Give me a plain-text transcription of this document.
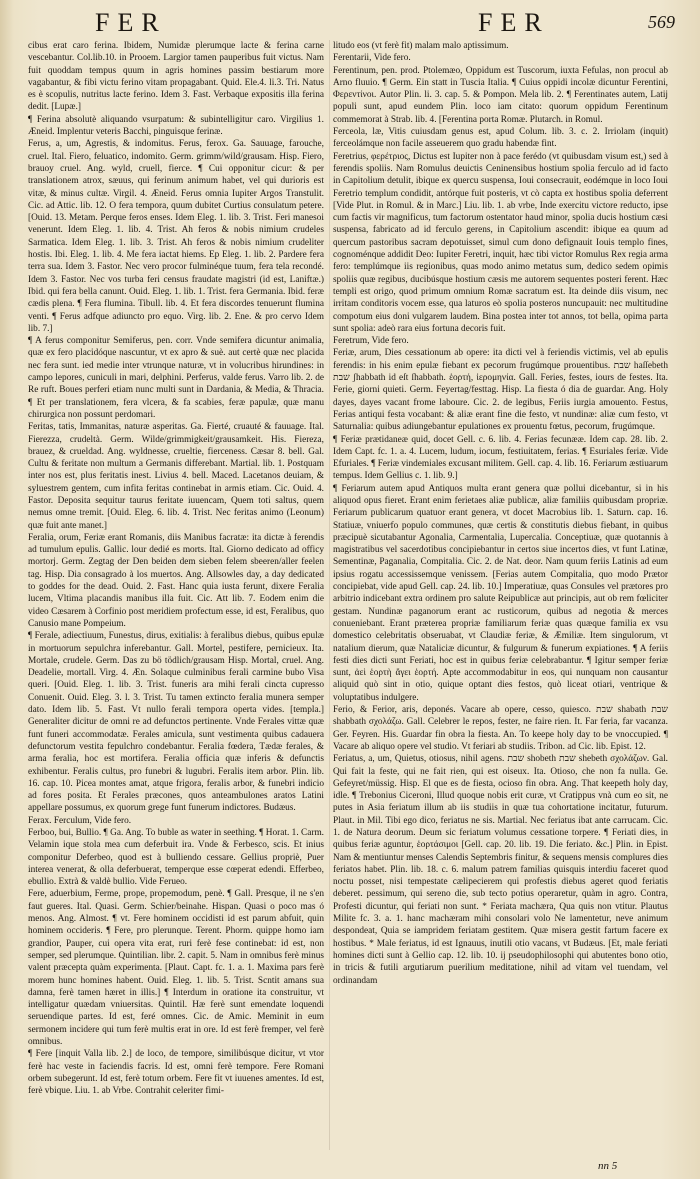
FER	FER	569

cibus erat caro ferina. Ibidem, Numidæ plerumque lacte & ferina carne vescebantur. Col.lib.10. in Prooem. Largior tamen pauperibus fuit victus. Nam fuit quoddam tempus quum in agris homines passim bestiarum more vagabantur, & fibi victu ferino vitam propagabant. Quid. Ele.4. li.3. Tri. Natus es è scopulis, nutritus lacte ferino. Idem 3. Fast. Verbaque expositis illa ferina dedit. [Lupæ.]

¶ Ferina absolutè aliquando vsurpatum: & subintelligitur caro. Virgilius 1. Æneid. Implentur veteris Bacchi, pinguisque ferinæ.

Ferus, a, um, Agrestis, & indomitus. Ferus, ferox. Ga. Sauuage, farouche, cruel. Ital. Fiero, feluatico, indomito. Germ. grimm/wild/grausam. Hisp. Fiero, brauoy cruel. Ang. wyld, cruell, fierce. ¶ Cui opponitur cicur: & per translationem atrox, sæuus, qui ferinum animum habet, vel qui durioris est vitæ, & minus cultæ. Virgil. 4. Æneid. Ferus omnia Iupiter Argos Transtulit. Cic. ad Attic. lib. 12. O fera tempora, quum dubitet Curtius consulatum petere. [Ouid. 13. Metam. Perque feros enses. Idem Eleg. 1. lib. 3. Trist. Feri manesoi venerunt. Idem Eleg. 1. lib. 4. Trist. Ah feros & nobis nimium crudeles Sarmatica. Idem Eleg. 1. lib. 3. Trist. Ah feros & nobis nimium crudeliter hostis. Ibi. Eleg. 1. lib. 4. Me fera iactat hiems. Ep Eleg. 1. lib. 2. Pardere fera terra sua. Idem 3. Fastor. Nec vero procor fulminéque tuum, fera tela recondé. Idem 3. Fastor. Nec vos turba feri census fraudate magistri (id est, Laniftæ.) Ibid. qui fera bella canunt. Ouid. Eleg. 1. lib. 1. Trist. fera Germania. Ibid. feræ cædis plena. ¶ Fera flumina. Tibull. lib. 4. Et fera discordes tenuerunt flumina venti. ¶ Ferus adfque adiuncto pro equo. Virg. lib. 2. Ene. & pro cervo Idem lib. 7.]

¶ A ferus componitur Semiferus, pen. corr. Vnde semifera dicuntur animalia, quæ ex fero placidóque nascuntur, vt ex apro & suè. aut certè quæ nec placida nec fera sunt. ied medie inter vtrunque naturæ, vt in volucribus hirundines: in campo lepores, cuniculi in mari, delphini. Perferus, valde ferus. Varro lib. 2. de Re ruft. Boues perferi etiam nunc multi sunt in Dardania, & Media, & Thracia. ¶ Et per translationem, fera vlcera, & fa scabies, feræ papulæ, quæ manu chirurgica non possunt perdomari.

Feritas, tatis, Immanitas, naturæ asperitas. Ga. Fierté, cruauté & fauuage. Ital. Fierezza, crudeltà. Germ. Wilde/grimmigkeit/grausamkeit. His. Fiereza, brauez, & crueldad. Ang. wyldnesse, crueltie, fierceness. Cæsar 8. bell. Gal. Cultu & feritate non multum a Germanis differebant. Martial. lib. 1. Postquam inter nos est, plus feritatis inest. Livius 4. bell. Maced. Lacetanos deuiam, & syluestrem gentem, cum infita feritas continebat in armis etiam. Cic. Ouid. 4. Fastor. Deposita sequitur taurus feritate iuuencam, Quem toti saltus, quem nemus omne tremit. [Ouid. Eleg. 6. lib. 4. Trist. Nec feritas animo (Leonum) quæ fuit ante manet.]

Feralia, orum, Feriæ erant Romanis, diis Manibus facratæ: ita dictæ à ferendis ad tumulum epulis. Gallic. lour dedié es morts. Ital. Giorno dedicato ad officy mortorj. Germ. Zegtag der Den beiden dem sieben felem sbeeren/aller feelen tag. Hisp. Dia consagrado à los muertos. Ang. Allsowles day, a day dedicated to goddes for the dead. Ouid. 2. Fast. Hanc quia iusta ferunt, dixere Feralia lucem, Vltima placandis manibus illa fuit. Cic. Att lib. 7. Eodem enim die video Cæsarem à Corfinio post meridiem profectum esse, id est, Feralibus, quo Canusio mane Pompeium.

¶ Ferale, adiectiuum, Funestus, dirus, exitialis: à feralibus diebus, quibus epulæ in mortuorum sepulchra inferebantur. Gall. Mortel, pestifere, pernicieux. Ita. Mortale, crudele. Germ. Das zu bö tödlich/grausam Hisp. Mortal, cruel. Ang. Deadelie, mortall. Virg. 4. Æn. Solaque culminibus ferali carmine bubo Visa queri. [Ouid. Eleg. 1. lib. 3. Trist. funeris ara mihi ferali cincta cupresso Conuenit. Ouid. Eleg. 3. l. 3. Trist. Tu tamen extincto feralia munera semper dato. Idem lib. 5. Fast. Vt nullo ferali tempora operta vides. [templa.] Generaliter dicitur de omni re ad defunctos pertinente. Vnde Ferales vittæ quæ funt funeri accommodatæ. Ferales amicula, sunt vestimenta quibus cadauera defunctorum vestita fepulchro condebantur. Feralia fœdera, Tædæ ferales, & arma feralia, hoc est mortifera. Feralia officia quæ inferis & defunctis exhibentur. Feralis cultus, pro funebri & lugubri. Feralis item arbor. Plin. lib. 16. cap. 10. Picea montes amat, atque frigora, feralis arbor, & funebri indicio ad fores posita. Et Ferales præcones, quos anteambulones aratos Latini appellare possumus, ex quorum grege funt funerum indictores. Budæus.

Ferax. Ferculum, Vide fero.

Ferboo, bui, Bullio. ¶ Ga. Ang. To buble as water in seething. ¶ Horat. 1. Carm. Velamin ique stola mea cum deferbuit ira. Vnde & Ferbesco, scis. Et inius componitur Deferbeo, quod est à bulliendo cessare. Gellius propriè, Puer interea venerat, & olla deferbuerat, temperque esse cœperat edendi. Efferbeo, ebullio. Extrà & valdè bullio. Vide Ferueo.

Fere, aduerbium, Ferme, prope, propemodum, penè. ¶ Gall. Presque, il ne s'en faut gueres. Ital. Quasi. Germ. Schier/beinahe. Hispan. Quasi o poco mas ó menos. Ang. Almost. ¶ vt. Fere hominem occidisti id est parum abfuit, quin hominem occideris. ¶ Fere, pro plerunque. Terent. Phorm. quippe homo iam grandior, Pauper, cui opera vita erat, ruri ferè fese continebat: id est, non semper, sed plerumque. Quintilian. libr. 2. capit. 5. Nam in omnibus ferè minus valent præcepta quàm experimenta. [Plaut. Capt. fc. 1. a. 1. Maxima pars ferè morem hunc homines habent. Ouid. Eleg. 1. lib. 5. Trist. Scntit amans sua damna, ferè tamen hæret in illis.] ¶ Interdum in oratione ita construitur, vt intelligatur quædam vniuersitas. Quintil. Hæ ferè sunt emendate loquendi seruendique partes. Id est, feré omnes. Cic. de Amic. Meminit in eum sermonem incidere qui tum ferè multis erat in ore. Id est ferè fremper, vel ferè omnibus.

¶ Fere [inquit Valla lib. 2.] de loco, de tempore, similibúsque dicitur, vt vtor ferè hac veste in faciendis facris. Id est, omni ferè tempore. Fere Romani orbem subegerunt. Id est, ferè totum orbem. Fere fit vt iuuenes amentes. Id est, ferè vbique. Liu. 1. ab Vrbe. Contrahit celeriter fimi-

litudo eos (vt ferè fit) malam malo aptissimum.

Ferentarii, Vide fero.

Ferentinum, pen. prod. Ptolemæo, Oppidum est Tuscorum, iuxta Fefulas, non procul ab Arno fluuio. ¶ Germ. Ein statt in Tuscia Italia. ¶ Cuius oppidi incolæ dicuntur Ferentini, Φερεντίνοι. Autor Plin. li. 3. cap. 5. & Pompon. Mela lib. 2. ¶ Ferentinates autem, Latij populi sunt, apud eundem Plin. loco iam citato: quorum oppidum Ferentinum commemorat à Strab. lib. 4. [Ferentina porta Romæ. Plutarch. in Romul.

Ferceola, læ, Vitis cuiusdam genus est, apud Colum. lib. 3. c. 2. Irriolam (inquit) ferceolámque non facile asseuerem quo gradu habendæ fint.

Feretrius, φερέτριος, Dictus est Iupiter non à pace ferédo (vt quibusdam visum est,) sed à ferendis spoliis. Nam Romulus deuictis Ceninensibus hostium spolia ferculo ad id facto in Capitolium detulit, ibique ex quercu suspensa, Ioui consecrauit, eodémque in loco Ioui Feretrio templum condidit, antórque fuit posteris, vt cò capta ex hostibus spolia deferrent [Vide Plut. in Romul. & in Marc.] Liu. lib. 1. ab vrbe, Inde exercitu victore reducto, ipse cum factis vir magnificus, tum factorum ostentator haud minor, spolia ducis hostium cæsi suspensa, fabricato ad id ferculo gerens, in Capitolium ascendit: ibique ea quum ad quercum pastoribus sacram depotuisset, simul cum dono defignauit Iouis templo fines, cognoménque addidit Deo: Iupiter Feretri, inquit, hæc tibi victor Romulus Rex regia arma fero: templúmque iis regionibus, quas modo animo metatus sum, dedico sedem opimis spoliis quæ regibus, ducibúsque hostium cæsis me autorem sequentes posteri ferent. Hæc templi est origo, quod primum omnium Romæ sacratum est. Ita deinde diis visum, nec irritam conditoris vocem esse, qua laturos eò spolia posteros nuncupauit: nec multitudine compotum eius doni vulgarem laudem. Bina postea inter tot annos, tot bella, opima parta sunt spolia: adeò rara eius fortuna decoris fuit.

Feretrum, Vide fero.

Feriæ, arum, Dies cessationum ab opere: ita dicti vel à feriendis victimis, vel ab epulis ferendis: in his enim epulæ fiebant ex pecorum frugúmque prouentibus. שבת haſſebeth שבת ʃhabbath id eſt ſhabbath. ἑορτή, ἱερομηνία. Gall. Feries, festes, iours de festes. Ita. Ferie, giorni quieti. Germ. Feyertag/festtag. Hisp. La fiesta ó dia de guardar. Ang. Holy dayes, dayes vacant frome laboure. Cic. 2. de legibus, Feriis iurgia amouento. Festus, Ferias antiqui festa vocabant: & aliæ erant fine die festo, vt nundinæ: aliæ cum festo, vt Saturnalia: quibus adiungebantur epulationes ex prouentu fœtus, pecorum, frugúmque.

¶ Feriæ prætidaneæ quid, docet Gell. c. 6. lib. 4. Ferias fecunææ. Idem cap. 28. lib. 2. Idem Capt. fc. 1. a. 4. Lucem, ludum, iocum, festiuitatem, ferias. ¶ Esuriales feriæ. Vide Efuriales. ¶ Feriæ vindemiales excusant militem. Gell. cap. 4. lib. 16. Feriarum æstiuarum tempus. Idem Gellius c. 1. lib. 9.]

¶ Feriarum autem apud Antiquos multa erant genera quæ pollui dicebantur, si in his aliquod opus fieret. Erant enim ferietaes aliæ publicæ, aliæ familiis quibusdam propriæ. Feriarum publicarum quatuor erant genera, vt docet Macrobius lib. 1. Saturn. cap. 16. Statiuæ, vniuerfo populo communes, quæ certis & constitutis diebus fiebant, in quibus præcipuè sicutabantur Agonalia, Carmentalia, Lupercalia. Conceptiuæ, quæ quotannis à magistratibus vel sacerdotibus concipiebantur in certos siue incertos dies, vt funt Latinæ, Sementinæ, Paganalia, Compitalia. Cic. 2. de Nat. deor. Nam quum feriis Latinis ad eum ipsius rogatu accessissemque venissem. [Ferias autem Compitalia, quo modo Prætor concipiebat, vide apud Gell. cap. 24. lib. 10.] Imperatiuæ, quas Consules vel prætores pro arbitrio indicebant extra ordinem pro salute Reipublicæ aut principis, aut ob rem fœliciter gestam. Nundinæ paganorum erant ac rusticorum, quibus ad negotia & merces conueniebant. Erant præterea propriæ familiarum feriæ quas quæque familia ex vsu domestico celebritatis obseruabat, vt Claudiæ feriæ, & Æmiliæ. Item singulorum, vt natalium dierum, quæ Nataliciæ dicuntur, & fulgurum & funerum expiationes. ¶ A feriis festi dies dicti sunt Feriati, hoc est in quibus feriæ celebrabantur. ¶ Igitur semper feriæ sunt, ἀεὶ ἑορτὴ ἄγει ἑορτή. Apte accommodabitur in eos, qui nunquam non causantur aliquid quò sint in otio, quique optant dies festos, quò liceat otiari, ventrique & voluptatibus indulgere.

Ferio, & Ferior, aris, deponés. Vacare ab opere, cesso, quiesco. שבת shabath שבת shabbath σχολάζω. Gall. Celebrer le repos, fester, ne faire rien. It. Far feria, far vacanza. Ger. Feyren. His. Guardar fin obra la fiesta. An. To keepe holy day to be vnoccupied. ¶ Vacare ab aliquo opere vel studio. Vt feriari ab studiis. Tribon. ad Cic. lib. Epist. 12.

Feriatus, a, um, Quietus, otiosus, nihil agens. שבת shobeth שבת shebeth σχολάζων. Gal. Qui fait la feste, qui ne fait rien, qui est oiseux. Ita. Otioso, che non fa nulla. Ge. Gefeyret/müssig. Hisp. El que es de fiesta, ocioso fin obra. Ang. That keepeth holy day, idle. ¶ Trebonius Ciceroni, Illud quoque nobis erit curæ, vt Cratippus vnà cum eo sit, ne putes in Asia feriatum illum ab iis studiis in quæ tua cohortatione incitatur, futurum. Plaut. in Mil. Tibi ego dico, feriatus ne sis. Martial. Nec feriatus ibat ante carrucam. Cic. 1. de Natura deorum. Deum sic feriatum volumus cessatione torpere. ¶ Feriati dies, in quibus feriæ aguntur, ἑορτάσιμοι [Gell. cap. 20. lib. 19. Die feriato. &c.] Plin. in Epist. Nam & mentiuntur menses Calendis Septembris finitur, & sequens mensis complures dies feriatos habet. Plin. lib. 18. c. 6. malum patrem familias quisquis interdiu faceret quod noctu posset, nisi tempestate cælipecierem qui profestis diebus ageret quod feriatis deberet. pessimum, qui sereno die, sub tecto potius operaretur, quàm in agro. Contra, Profesti dicuntur, qui feriati non sunt. * Feriata machæra, Qua quis non vtitur. Plautus Milite fc. 3. a. 1. hanc machæram mihi consolari volo Ne lamentetur, neve animum despondeat, Quia se iampridem feriatam gestitem. Quæ misera gestit fartum facere ex hostibus. * Male feriatus, id est Ignauus, inutili otio vacans, vt Budæus. [Et, male feriati homines dicti sunt à Gellio cap. 12. lib. 10. ij pseudophilosophi qui abutentes bono otio, in tricis & futili argutiarum puerilium meditatione, nihil ad vitam vel tuendam, vel ordinandam

nn 5
